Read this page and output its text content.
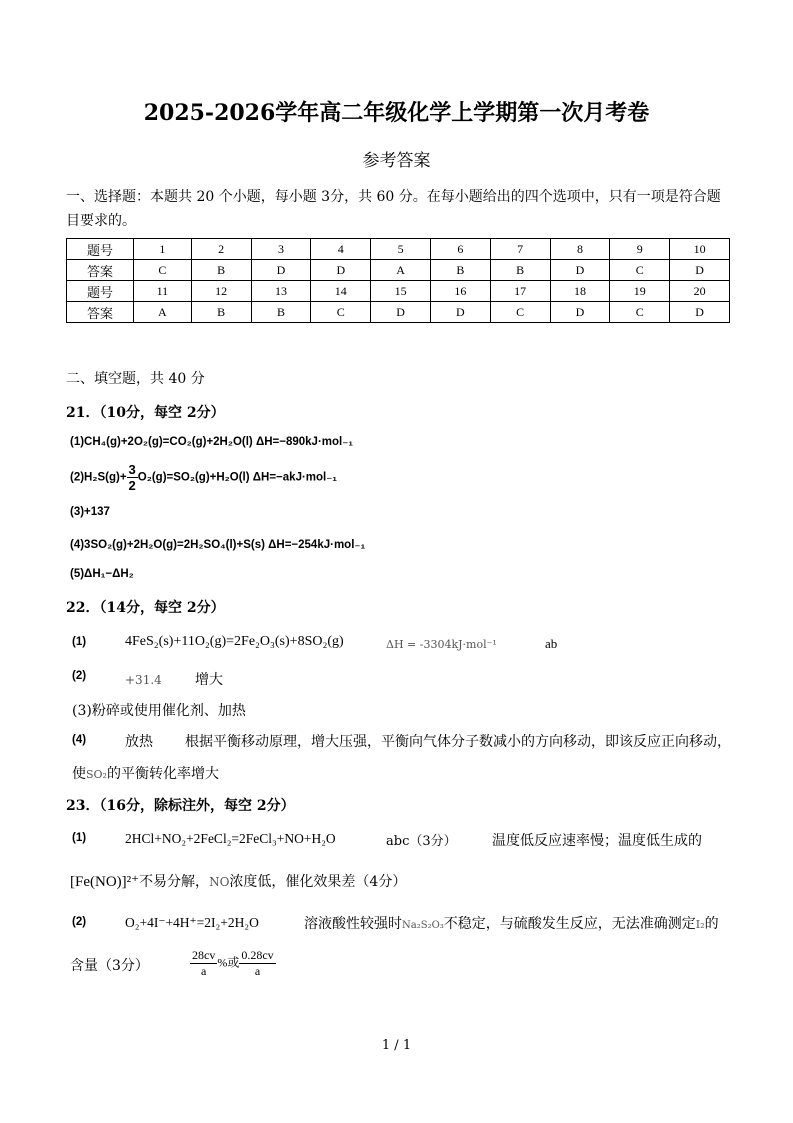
2025-2026学年高二年级化学上学期第一次月考卷
参考答案
一、选择题：本题共 20 个小题，每小题 3分，共 60 分。在每小题给出的四个选项中，只有一项是符合题
目要求的。
题号	1	2	3	4	5	6	7	8	9	10
答案	C	B	D	D	A	B	B	D	C	D
题号	11	12	13	14	15	16	17	18	19	20
答案	A	B	B	C	D	D	C	D	C	D
二、填空题，共 40 分
21．（10分，每空 2分）
(1)CH₄(g)+2O₂(g)=CO₂(g)+2H₂O(l) ΔH=−890kJ·mol₋₁
$(2)H_2S(g)+ \frac{3}{2} O_2(g)=SO_2(g)+H_2O(l)$ ΔH=−akJ·mol₋₁
(3)+137
(4)3SO₂(g)+2H₂O(g)=2H₂SO₄(l)+S(s) ΔH=−254kJ·mol₋₁
(5)ΔH₁−ΔH₂
22．（14分，每空 2分）
(1)	4FeS₂(s)+11O₂(g)=2Fe₂O₃(s)+8SO₂(g)	ΔH = -3304kJ·mol⁻¹	ab
(2)	+31.4 增大
(3)粉碎或使用催化剂、加热
(4)	放热 根据平衡移动原理，增大压强，平衡向气体分子数减小的方向移动，即该反应正向移动，
使SO₂的平衡转化率增大
23．（16分，除标注外，每空 2分）
(1)	2HCl+NO₂+2FeCl₂=2FeCl₃+NO+H₂O	abc（3分）	温度低反应速率慢；温度低生成的
[Fe(NO)]²⁺不易分解，NO浓度低，催化效果差（4分）
(2)	O₂+4I⁻+4H⁺=2I₂+2H₂O	溶液酸性较强时Na₂S₂O₃不稳定，与硫酸发生反应，无法准确测定I₂的
含量（3分）	$\frac{28cv}{a}$ %或 $\frac{0.28cv}{a}$
1 / 1
